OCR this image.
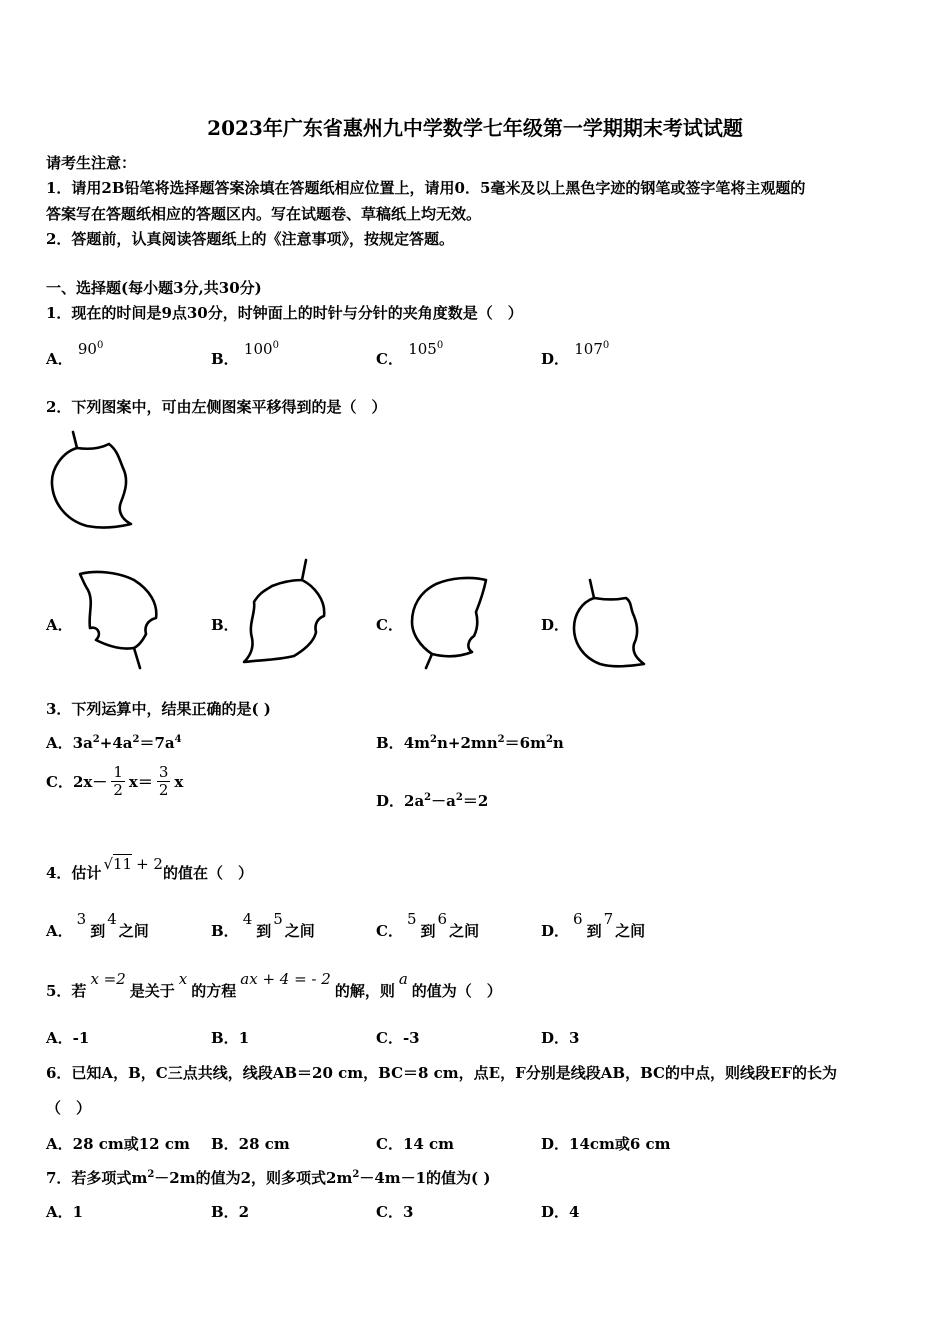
2023年广东省惠州九中学数学七年级第一学期期末考试试题
请考生注意：
1．请用2B铅笔将选择题答案涂填在答题纸相应位置上，请用0．5毫米及以上黑色字迹的钢笔或签字笔将主观题的
答案写在答题纸相应的答题区内。写在试题卷、草稿纸上均无效。
2．答题前，认真阅读答题纸上的《注意事项》，按规定答题。
一、选择题(每小题3分,共30分)
1．现在的时间是9点30分，时钟面上的时针与分针的夹角度数是（　）
A． $90^0$
B． $100^0$
C． $105^0$
D． $107^0$
2．下列图案中，可由左侧图案平移得到的是（　）
A．	B．	C．	D．
3．下列运算中，结果正确的是( )
A．$3a^2+4a^2=7a^4$	B．$4m^2n+2mn^2=6m^2n$
C． $2x- \frac{1}{2} x= \frac{3}{2}$ x
D．$2a^2-a^2=2$
4．估计 √11 + 2 的值在（　）
A．3到4之间	B．4到5之间	C．5到6之间	D．6到7之间
5．若x =2是关于x的方程ax + 4 = - 2的解，则a的值为（　）
A．-1	B．1	C．-3	D．3
6．已知A，B，C三点共线，线段AB＝20 cm，BC＝8 cm，点E，F分别是线段AB，BC的中点，则线段EF的长为
（　）
A．28 cm或12 cm B．28 cm	C．14 cm	D．14cm或6 cm
7．若多项式$m^2-2m$的值为2，则多项式$2m^2-4m-1$的值为( )
A．1	B．2	C．3	D．4
